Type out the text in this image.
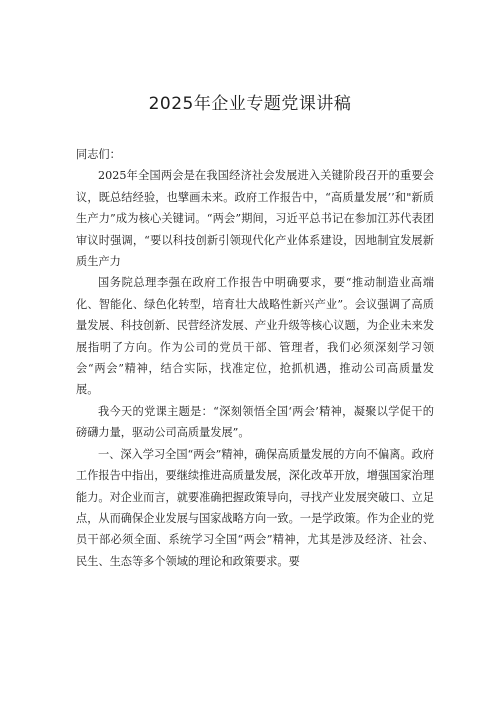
2025年企业专题党课讲稿

同志们：

2025年全国两会是在我国经济社会发展进入关键阶段召开的重要会议，既总结经验，也擘画未来。政府工作报告中，“高质量发展’’和"新质生产力”成为核心关键词。“两会”期间，习近平总书记在参加江苏代表团审议时强调，“要以科技创新引领现代化产业体系建设，因地制宜发展新质生产力

国务院总理李强在政府工作报告中明确要求，要“推动制造业高端化、智能化、绿色化转型，培育壮大战略性新兴产业”。会议强调了高质量发展、科技创新、民营经济发展、产业升级等核心议题，为企业未来发展指明了方向。作为公司的党员干部、管理者，我们必须深刻学习领会“两会”精神，结合实际，找准定位，抢抓机遇，推动公司高质量发展。

我今天的党课主题是：“深刻领悟全国‘两会’精神，凝聚以学促干的磅礴力量，驱动公司高质量发展”。

一、深入学习全国“两会”精神，确保高质量发展的方向不偏离。政府工作报告中指出，要继续推进高质量发展，深化改革开放，增强国家治理能力。对企业而言，就要准确把握政策导向，寻找产业发展突破口、立足点，从而确保企业发展与国家战略方向一致。一是学政策。作为企业的党员干部必须全面、系统学习全国“两会”精神，尤其是涉及经济、社会、民生、生态等多个领域的理论和政策要求。要
